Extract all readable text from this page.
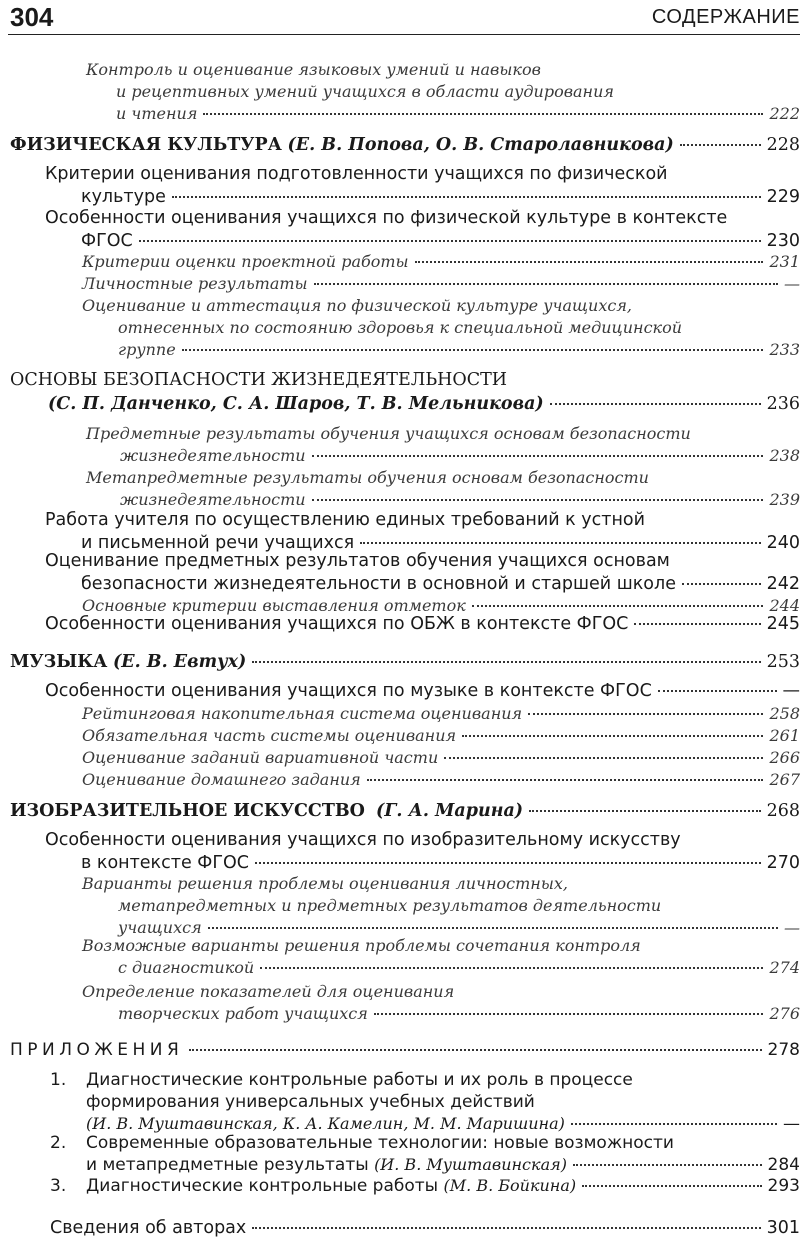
304	СОДЕРЖАНИЕ
Контроль и оценивание языковых умений и навыков
и рецептивных умений учащихся в области аудирования
и чтения	222
ФИЗИЧЕСКАЯ КУЛЬТУРА (Е. В. Попова, О. В. Старолавникова)	228
Критерии оценивания подготовленности учащихся по физической
культуре	229
Особенности оценивания учащихся по физической культуре в контексте
ФГОС	230
Критерии оценки проектной работы	231
Личностные результаты	—
Оценивание и аттестация по физической культуре учащихся,
отнесенных по состоянию здоровья к специальной медицинской
группе	233
ОСНОВЫ БЕЗОПАСНОСТИ ЖИЗНЕДЕЯТЕЛЬНОСТИ
(С. П. Данченко, С. А. Шаров, Т. В. Мельникова)	236
Предметные результаты обучения учащихся основам безопасности
жизнедеятельности	238
Метапредметные результаты обучения основам безопасности
жизнедеятельности	239
Работа учителя по осуществлению единых требований к устной
и письменной речи учащихся	240
Оценивание предметных результатов обучения учащихся основам
безопасности жизнедеятельности в основной и старшей школе	242
Основные критерии выставления отметок	244
Особенности оценивания учащихся по ОБЖ в контексте ФГОС	245
МУЗЫКА (Е. В. Евтух)	253
Особенности оценивания учащихся по музыке в контексте ФГОС	—
Рейтинговая накопительная система оценивания	258
Обязательная часть системы оценивания	261
Оценивание заданий вариативной части	266
Оценивание домашнего задания	267
ИЗОБРАЗИТЕЛЬНОЕ ИСКУССТВО (Г. А. Марина)	268
Особенности оценивания учащихся по изобразительному искусству
в контексте ФГОС	270
Варианты решения проблемы оценивания личностных,
метапредметных и предметных результатов деятельности
учащихся	—
Возможные варианты решения проблемы сочетания контроля
с диагностикой	274
Определение показателей для оценивания
творческих работ учащихся	276
ПРИЛОЖЕНИЯ	278
1. Диагностические контрольные работы и их роль в процессе
формирования универсальных учебных действий
(И. В. Муштавинская, К. А. Камелин, М. М. Маришина)	—
2. Современные образовательные технологии: новые возможности
и метапредметные результаты (И. В. Муштавинская)	284
3. Диагностические контрольные работы (М. В. Бойкина)	293
Сведения об авторах	301
